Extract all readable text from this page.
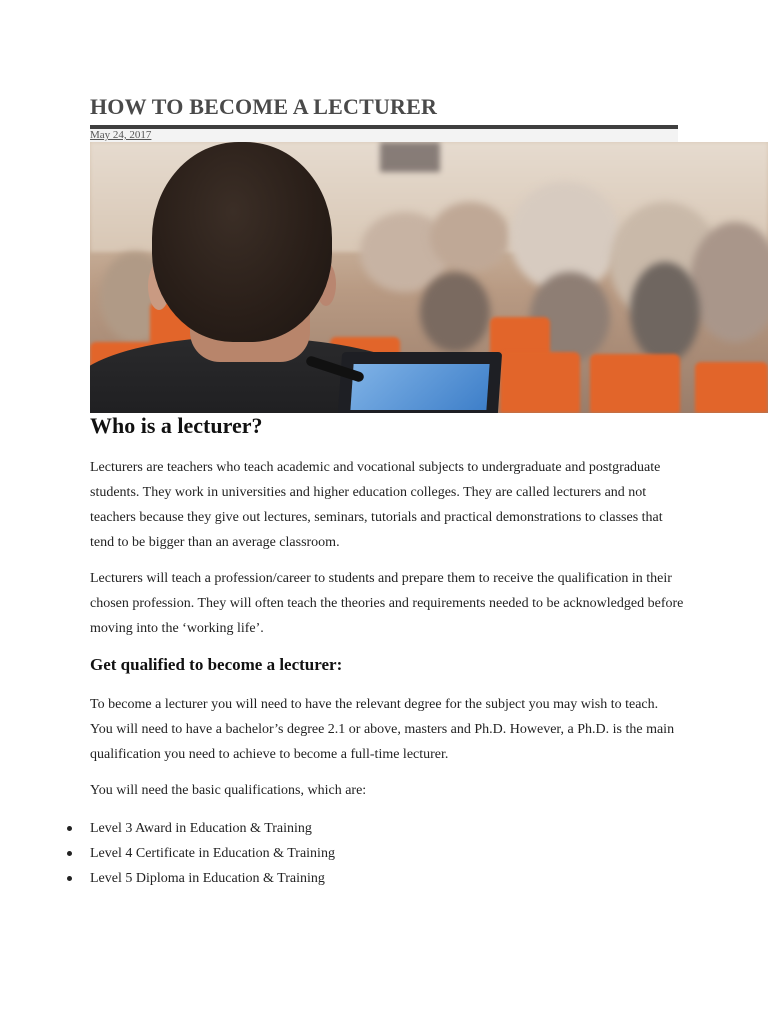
HOW TO BECOME A LECTURER
May 24, 2017
Who is a lecturer?

Lecturers are teachers who teach academic and vocational subjects to undergraduate and postgraduate
students. They work in universities and higher education colleges. They are called lecturers and not
teachers because they give out lectures, seminars, tutorials and practical demonstrations to classes that
tend to be bigger than an average classroom.

Lecturers will teach a profession/career to students and prepare them to receive the qualification in their
chosen profession. They will often teach the theories and requirements needed to be acknowledged before
moving into the ‘working life’.

Get qualified to become a lecturer:

To become a lecturer you will need to have the relevant degree for the subject you may wish to teach.
You will need to have a bachelor’s degree 2.1 or above, masters and Ph.D. However, a Ph.D. is the main
qualification you need to achieve to become a full-time lecturer.

You will need the basic qualifications, which are:

Level 3 Award in Education & Training
Level 4 Certificate in Education & Training
Level 5 Diploma in Education & Training
